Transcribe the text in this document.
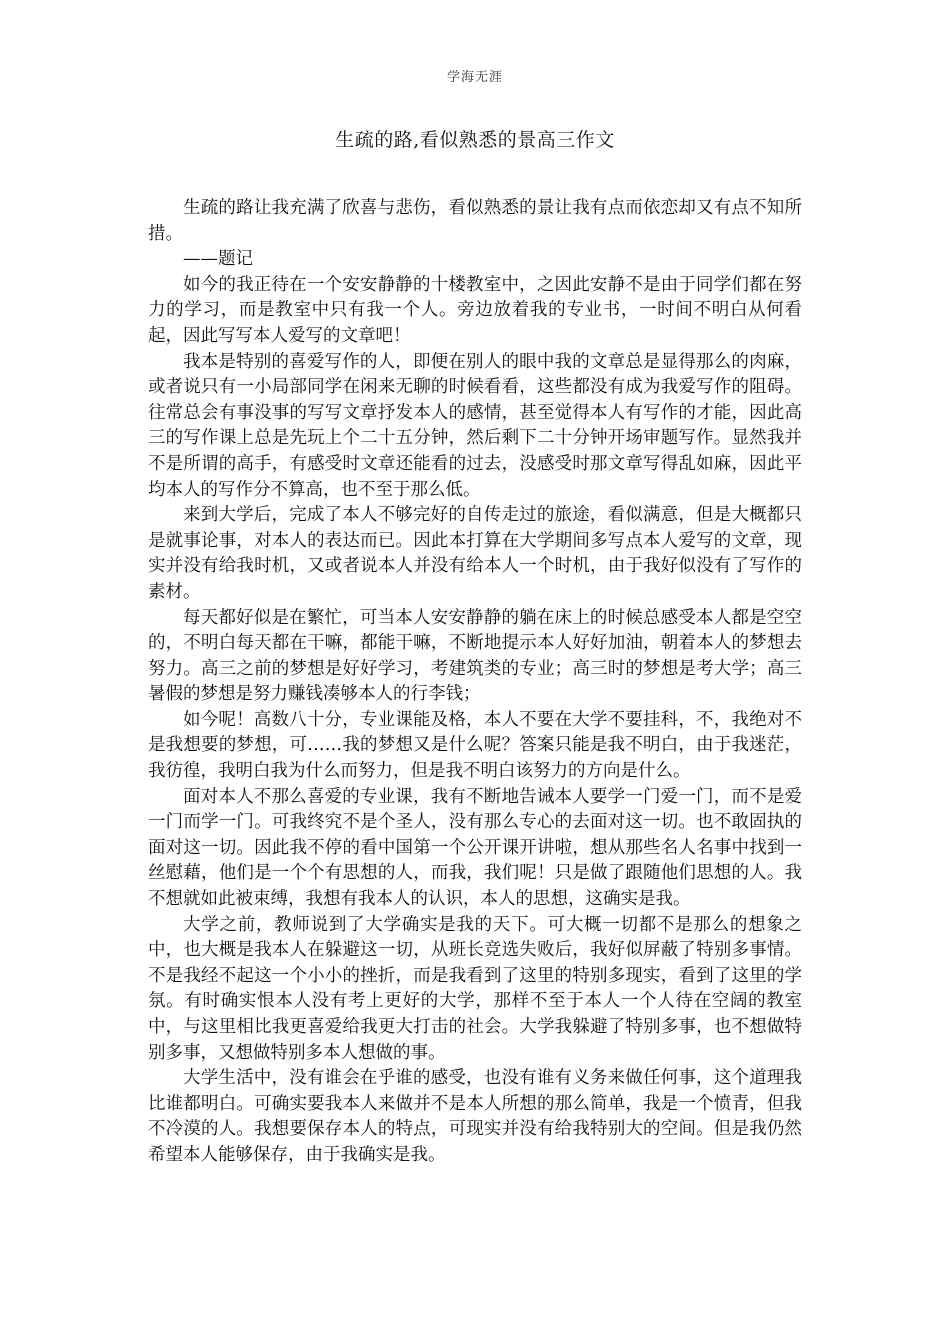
学海无涯
生疏的路,看似熟悉的景高三作文

生疏的路让我充满了欣喜与悲伤，看似熟悉的景让我有点而依恋却又有点不知所措。

——题记

如今的我正待在一个安安静静的十楼教室中，之因此安静不是由于同学们都在努力的学习，而是教室中只有我一个人。旁边放着我的专业书，一时间不明白从何看起，因此写写本人爱写的文章吧！

我本是特别的喜爱写作的人，即便在别人的眼中我的文章总是显得那么的肉麻，或者说只有一小局部同学在闲来无聊的时候看看，这些都没有成为我爱写作的阻碍。往常总会有事没事的写写文章抒发本人的感情，甚至觉得本人有写作的才能，因此高三的写作课上总是先玩上个二十五分钟，然后剩下二十分钟开场审题写作。显然我并不是所谓的高手，有感受时文章还能看的过去，没感受时那文章写得乱如麻，因此平均本人的写作分不算高，也不至于那么低。

来到大学后，完成了本人不够完好的自传走过的旅途，看似满意，但是大概都只是就事论事，对本人的表达而已。因此本打算在大学期间多写点本人爱写的文章，现实并没有给我时机，又或者说本人并没有给本人一个时机，由于我好似没有了写作的素材。

每天都好似是在繁忙，可当本人安安静静的躺在床上的时候总感受本人都是空空的，不明白每天都在干嘛，都能干嘛，不断地提示本人好好加油，朝着本人的梦想去努力。高三之前的梦想是好好学习，考建筑类的专业；高三时的梦想是考大学；高三暑假的梦想是努力赚钱凑够本人的行李钱；

如今呢！高数八十分，专业课能及格，本人不要在大学不要挂科，不，我绝对不是我想要的梦想，可……我的梦想又是什么呢？答案只能是我不明白，由于我迷茫，我彷徨，我明白我为什么而努力，但是我不明白该努力的方向是什么。

面对本人不那么喜爱的专业课，我有不断地告诫本人要学一门爱一门，而不是爱一门而学一门。可我终究不是个圣人，没有那么专心的去面对这一切。也不敢固执的面对这一切。因此我不停的看中国第一个公开课开讲啦，想从那些名人名事中找到一丝慰藉，他们是一个个有思想的人，而我，我们呢！只是做了跟随他们思想的人。我不想就如此被束缚，我想有我本人的认识，本人的思想，这确实是我。

大学之前，教师说到了大学确实是我的天下。可大概一切都不是那么的想象之中，也大概是我本人在躲避这一切，从班长竞选失败后，我好似屏蔽了特别多事情。不是我经不起这一个小小的挫折，而是我看到了这里的特别多现实，看到了这里的学氛。有时确实恨本人没有考上更好的大学，那样不至于本人一个人待在空阔的教室中，与这里相比我更喜爱给我更大打击的社会。大学我躲避了特别多事，也不想做特别多事，又想做特别多本人想做的事。

大学生活中，没有谁会在乎谁的感受，也没有谁有义务来做任何事，这个道理我比谁都明白。可确实要我本人来做并不是本人所想的那么简单，我是一个愤青，但我不冷漠的人。我想要保存本人的特点，可现实并没有给我特别大的空间。但是我仍然希望本人能够保存，由于我确实是我。
